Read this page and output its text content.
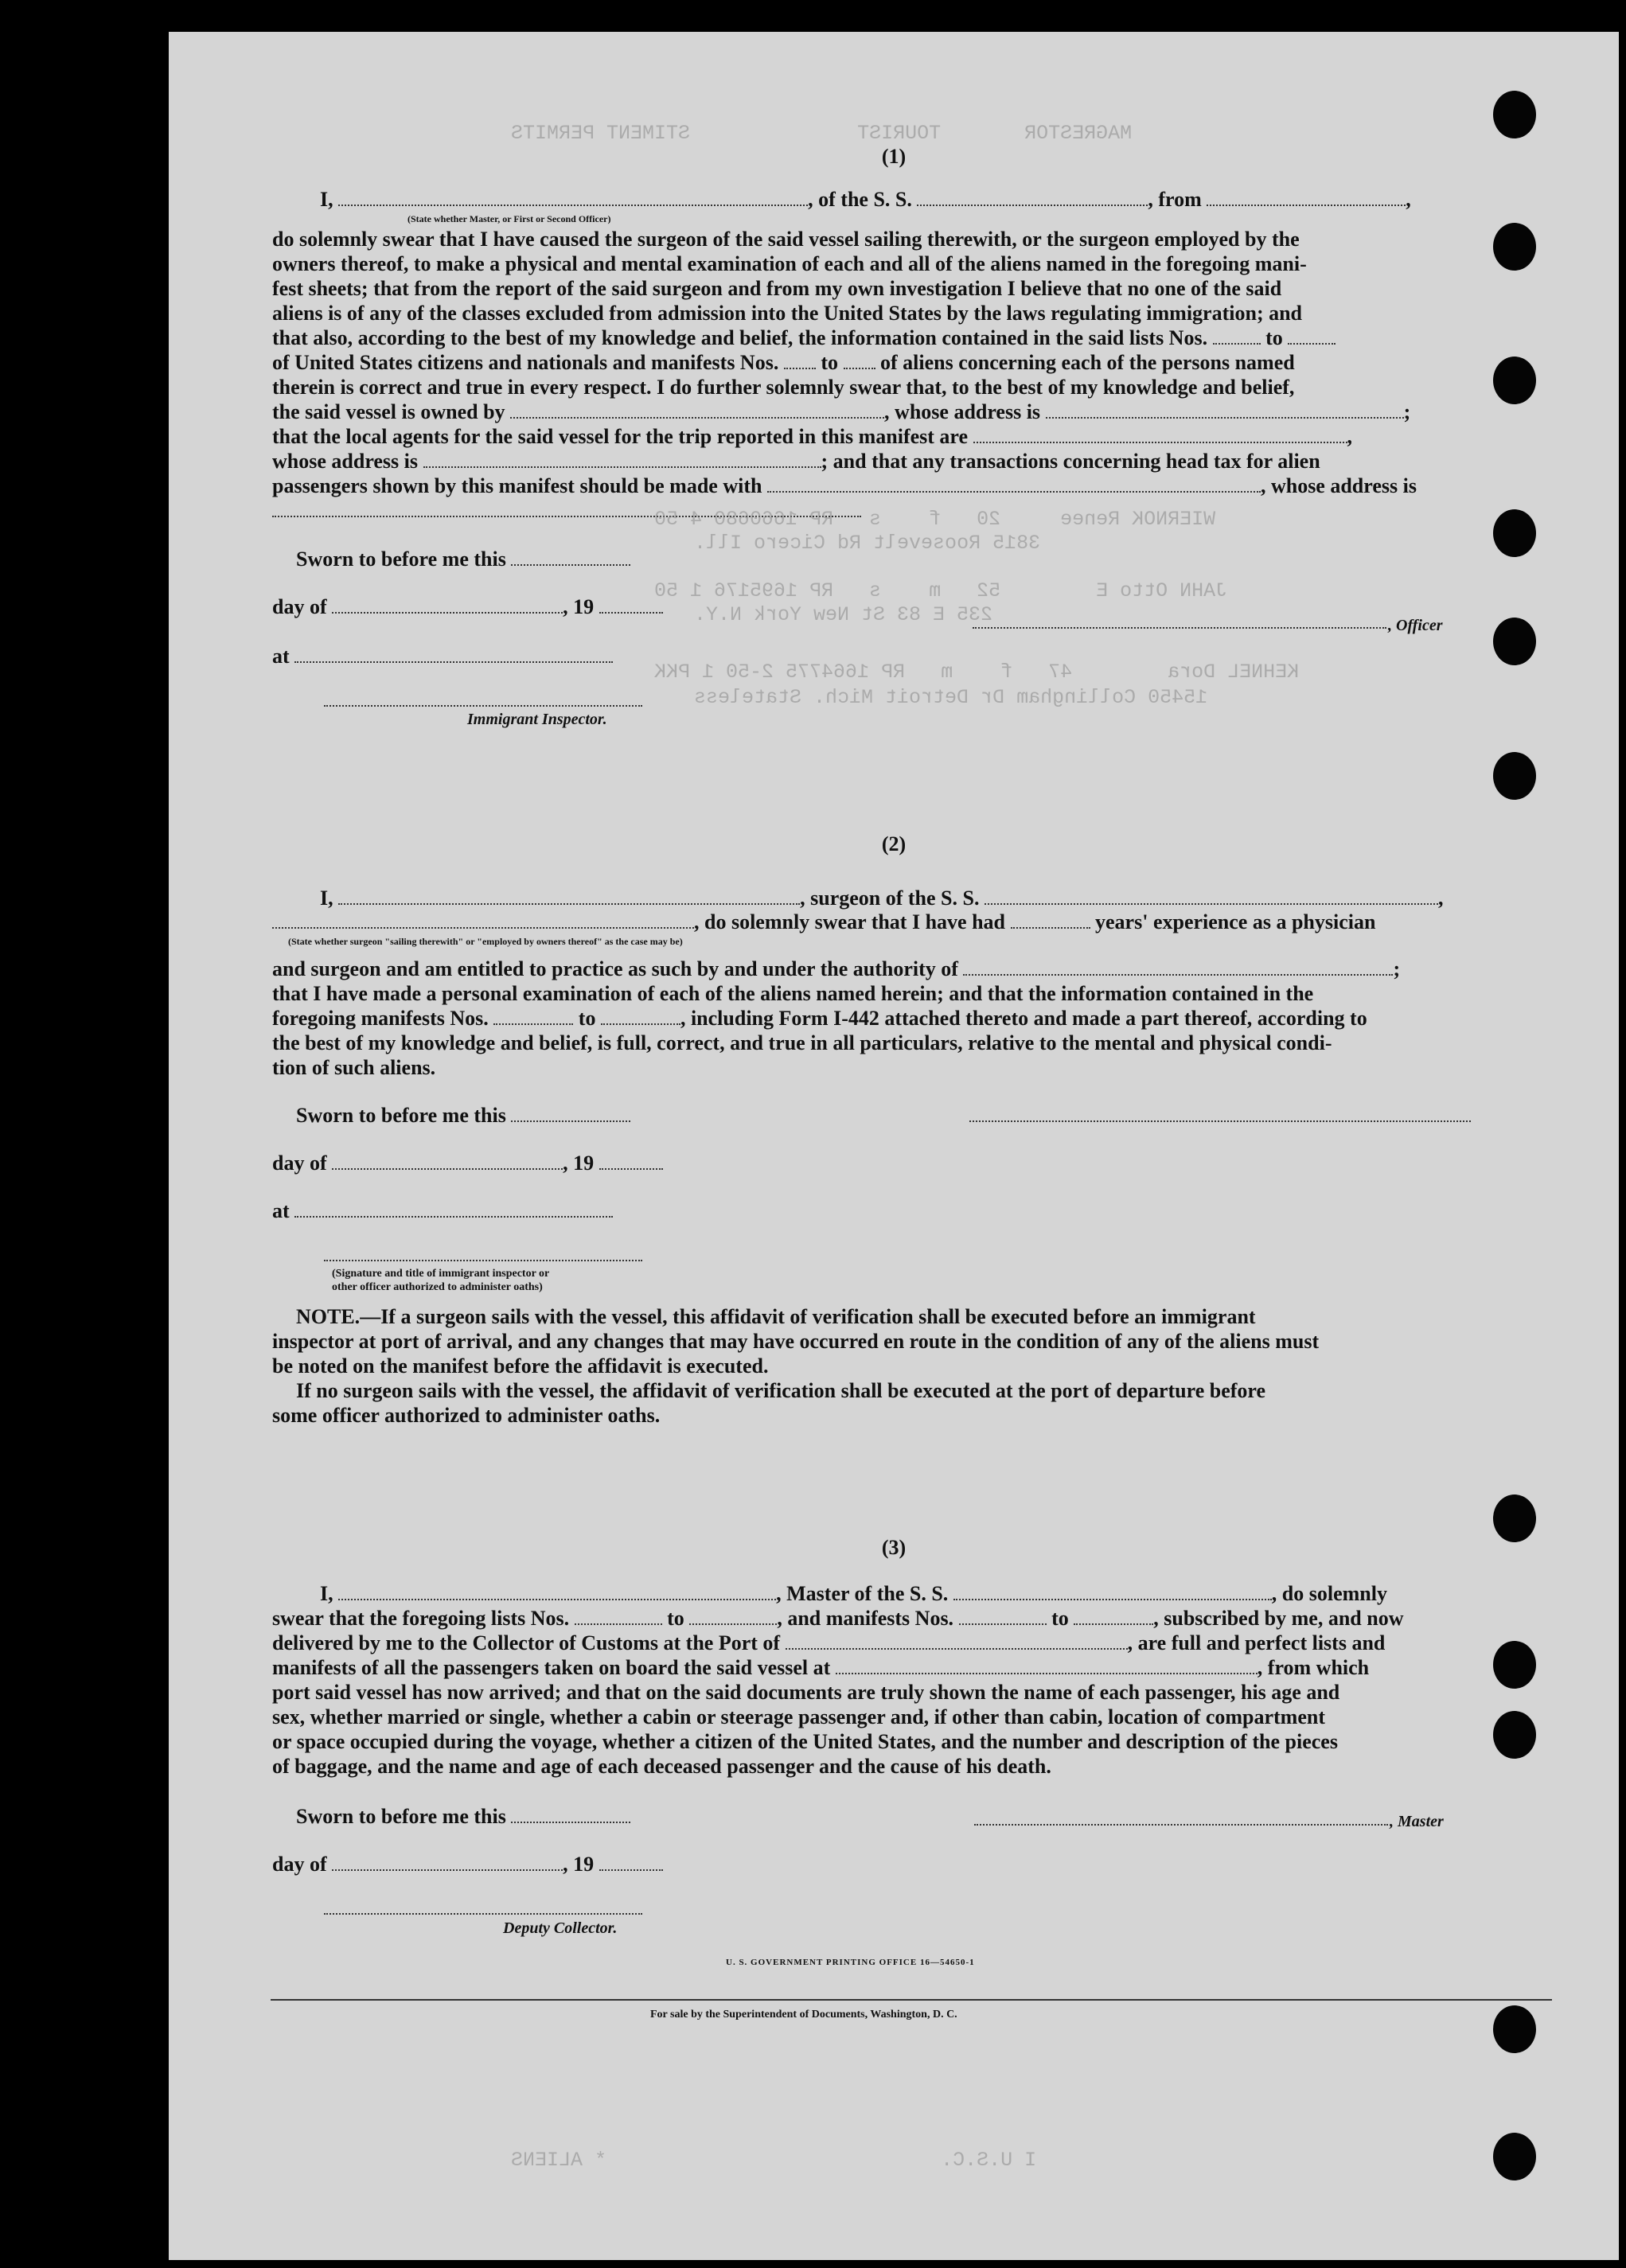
(1)
I,	, of the S. S.	, from	,
(State whether Master, or First or Second Officer)
do solemnly swear that I have caused the surgeon of the said vessel sailing therewith, or the surgeon employed by the
owners thereof, to make a physical and mental examination of each and all of the aliens named in the foregoing mani-
fest sheets; that from the report of the said surgeon and from my own investigation I believe that no one of the said
aliens is of any of the classes excluded from admission into the United States by the laws regulating immigration; and
that also, according to the best of my knowledge and belief, the information contained in the said lists Nos.	to
of United States citizens and nationals and manifests Nos. to of aliens concerning each of the persons named
therein is correct and true in every respect. I do further solemnly swear that, to the best of my knowledge and belief,
the said vessel is owned by	, whose address is	;
that the local agents for the said vessel for the trip reported in this manifest are	,
whose address is	; and that any transactions concerning head tax for alien
passengers shown by this manifest should be made with	, whose address is
Sworn to before me this
day of	, 19
at
, Officer
Immigrant Inspector.
MAGRESTOR       TOURIST              STIMENT PERMITS
WIERNOK Renee     20   f    s   RP 1660680 4 50
3815 Roosevelt Rd Cicero Ill.
JAHN Otto E        52   m    s   RP 1695176 1 50
235 E 83 St New York N.Y.
KEHNEL Dora        47   f    m   RP 1664775 2-50 1 PKK
15450 Collingham Dr Detroit Mich. Stateless
(2)
I,	, surgeon of the S. S.	,
, do solemnly swear that I have had	years' experience as a physician
(State whether surgeon "sailing therewith" or "employed by owners thereof" as the case may be)
and surgeon and am entitled to practice as such by and under the authority of	;
that I have made a personal examination of each of the aliens named herein; and that the information contained in the
foregoing manifests Nos.	to	, including Form I-442 attached thereto and made a part thereof, according to
the best of my knowledge and belief, is full, correct, and true in all particulars, relative to the mental and physical condi-
tion of such aliens.
Sworn to before me this
day of	, 19
at
(Signature and title of immigrant inspector or
other officer authorized to administer oaths)
NOTE.—If a surgeon sails with the vessel, this affidavit of verification shall be executed before an immigrant
inspector at port of arrival, and any changes that may have occurred en route in the condition of any of the aliens must
be noted on the manifest before the affidavit is executed.
If no surgeon sails with the vessel, the affidavit of verification shall be executed at the port of departure before
some officer authorized to administer oaths.
(3)
I,	, Master of the S. S.	, do solemnly
swear that the foregoing lists Nos.	to	, and manifests Nos.	to	, subscribed by me, and now
delivered by me to the Collector of Customs at the Port of	, are full and perfect lists and
manifests of all the passengers taken on board the said vessel at	, from which
port said vessel has now arrived; and that on the said documents are truly shown the name of each passenger, his age and
sex, whether married or single, whether a cabin or steerage passenger and, if other than cabin, location of compartment
or space occupied during the voyage, whether a citizen of the United States, and the number and description of the pieces
of baggage, and the name and age of each deceased passenger and the cause of his death.
Sworn to before me this	, Master
day of	, 19
Deputy Collector.
U. S. GOVERNMENT PRINTING OFFICE 16—54650-1
For sale by the Superintendent of Documents, Washington, D. C.
I U.S.C.                            * ALIENS
